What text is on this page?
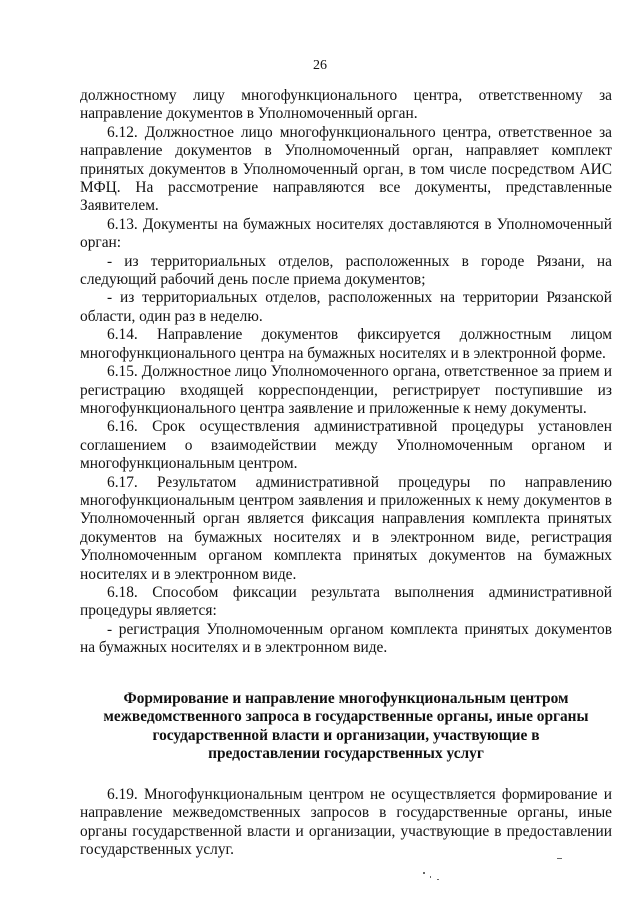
26

должностному лицу многофункционального центра, ответственному за направление документов в Уполномоченный орган.

6.12. Должностное лицо многофункционального центра, ответственное за направление документов в Уполномоченный орган, направляет комплект принятых документов в Уполномоченный орган, в том числе посредством АИС МФЦ. На рассмотрение направляются все документы, представленные Заявителем.

6.13. Документы на бумажных носителях доставляются в Уполномоченный орган:

- из территориальных отделов, расположенных в городе Рязани, на следующий рабочий день после приема документов;

- из территориальных отделов, расположенных на территории Рязанской области, один раз в неделю.

6.14. Направление документов фиксируется должностным лицом многофункционального центра на бумажных носителях и в электронной форме.

6.15. Должностное лицо Уполномоченного органа, ответственное за прием и регистрацию входящей корреспонденции, регистрирует поступившие из многофункционального центра заявление и приложенные к нему документы.

6.16. Срок осуществления административной процедуры установлен соглашением о взаимодействии между Уполномоченным органом и многофункциональным центром.

6.17. Результатом административной процедуры по направлению многофункциональным центром заявления и приложенных к нему документов в Уполномоченный орган является фиксация направления комплекта принятых документов на бумажных носителях и в электронном виде, регистрация Уполномоченным органом комплекта принятых документов на бумажных носителях и в электронном виде.

6.18. Способом фиксации результата выполнения административной процедуры является:

- регистрация Уполномоченным органом комплекта принятых документов на бумажных носителях и в электронном виде.

Формирование и направление многофункциональным центром межведомственного запроса в государственные органы, иные органы государственной власти и организации, участвующие в предоставлении государственных услуг

6.19. Многофункциональным центром не осуществляется формирование и направление межведомственных запросов в государственные органы, иные органы государственной власти и организации, участвующие в предоставлении государственных услуг.
